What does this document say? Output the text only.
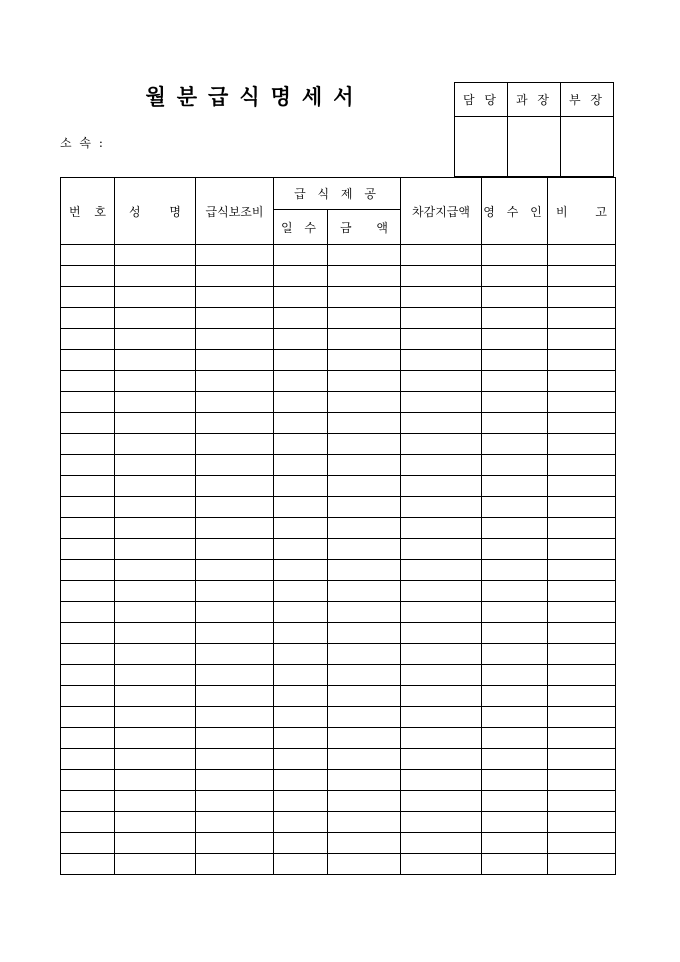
월분급식명세서
소 속 :
담 당	과 장	부 장

번 호	성 명	급식보조비	급 식 제 공		차감지급액	영 수 인	비 고

			일 수	금 액			
